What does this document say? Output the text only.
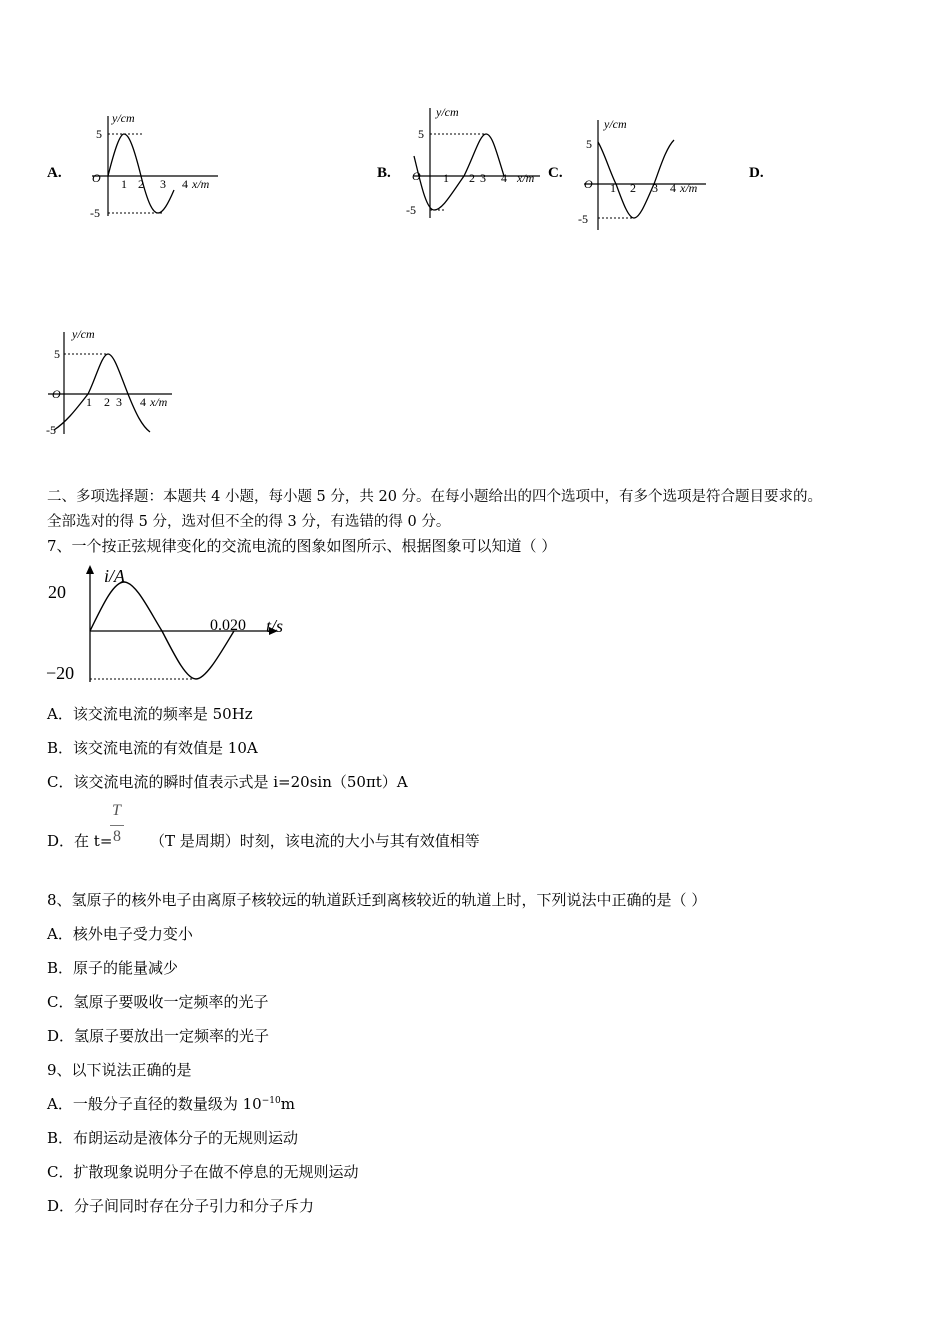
A.	B.	C.	D.
y/cm
5
-5
O 1 2 3 4 x/m
y/cm
5
-5
O 1 2 3 4 x/m
y/cm
5
-5
O 1 2 3 4 x/m
y/cm
5
-5
O
1 2 3 4 x/m
二、多项选择题：本题共 4 小题，每小题 5 分，共 20 分。在每小题给出的四个选项中，有多个选项是符合题目要求的。
全部选对的得 5 分，选对但不全的得 3 分，有选错的得 0 分。
7、一个按正弦规律变化的交流电流的图象如图所示、根据图象可以知道（ ）
i/A
20
−20
0.020 t/s
A．该交流电流的频率是 50Hz
B．该交流电流的有效值是 10A
C．该交流电流的瞬时值表示式是 i=20sin（50πt）A
D．在 t=	（T 是周期）时刻，该电流的大小与其有效值相等
T
8
8、氢原子的核外电子由离原子核较远的轨道跃迁到离核较近的轨道上时，下列说法中正确的是（ ）
A．核外电子受力变小
B．原子的能量减少
C．氢原子要吸收一定频率的光子
D．氢原子要放出一定频率的光子
9、以下说法正确的是
A．一般分子直径的数量级为 $10^{-10}m$
B．布朗运动是液体分子的无规则运动
C．扩散现象说明分子在做不停息的无规则运动
D．分子间同时存在分子引力和分子斥力
